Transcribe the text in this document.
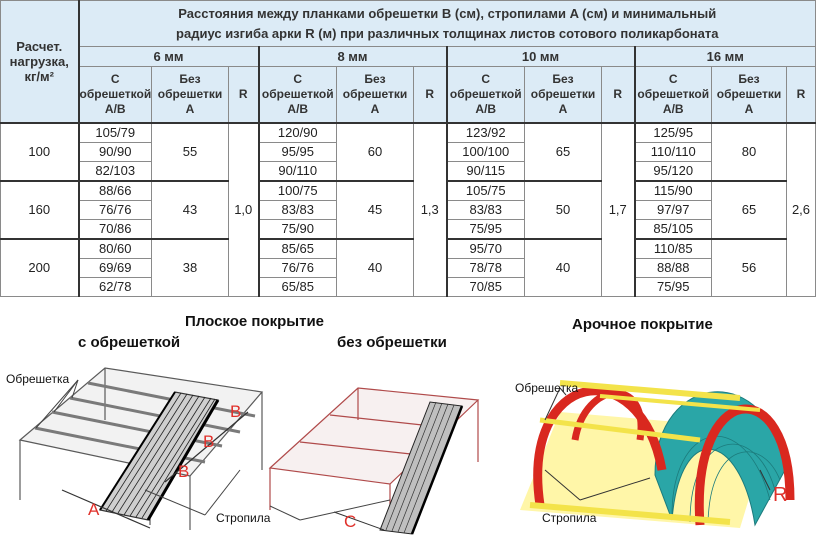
Расчет.
нагрузка,
кг/м²	Расстояния между планками обрешетки B (см), стропилами A (см) и минимальный
радиус изгиба арки R (м) при различных толщинах листов сотового поликарбоната											
	6 мм			8 мм			10 мм			16 мм		
	С
обрешеткой
A/B	Без
обрешетки
A	R	С
обрешеткой
A/B	Без
обрешетки
A	R	С
обрешеткой
A/B	Без
обрешетки
A	R	С
обрешеткой
A/B	Без
обрешетки
A	R
100	105/79	55	1,0	120/90	60	1,3	123/92	65	1,7	125/95	80	2,6
	90/90			95/95			100/100			110/110		
	82/103			90/110			90/115			95/120		
160	88/66	43		100/75	45		105/75	50		115/90	65	
	76/76			83/83			83/83			97/97		
	70/86			75/90			75/95			85/105		
200	80/60	38		85/65	40		95/70	40		110/85	56	
	69/69			76/76			78/78			88/88		
	62/78			65/85			70/85			75/95		
Плоское покрытие
с обрешеткой	без обрешетки
Арочное покрытие
Обрешетка
Обрешетка
Стропила	Стропила
A
B
B
B
C
R
